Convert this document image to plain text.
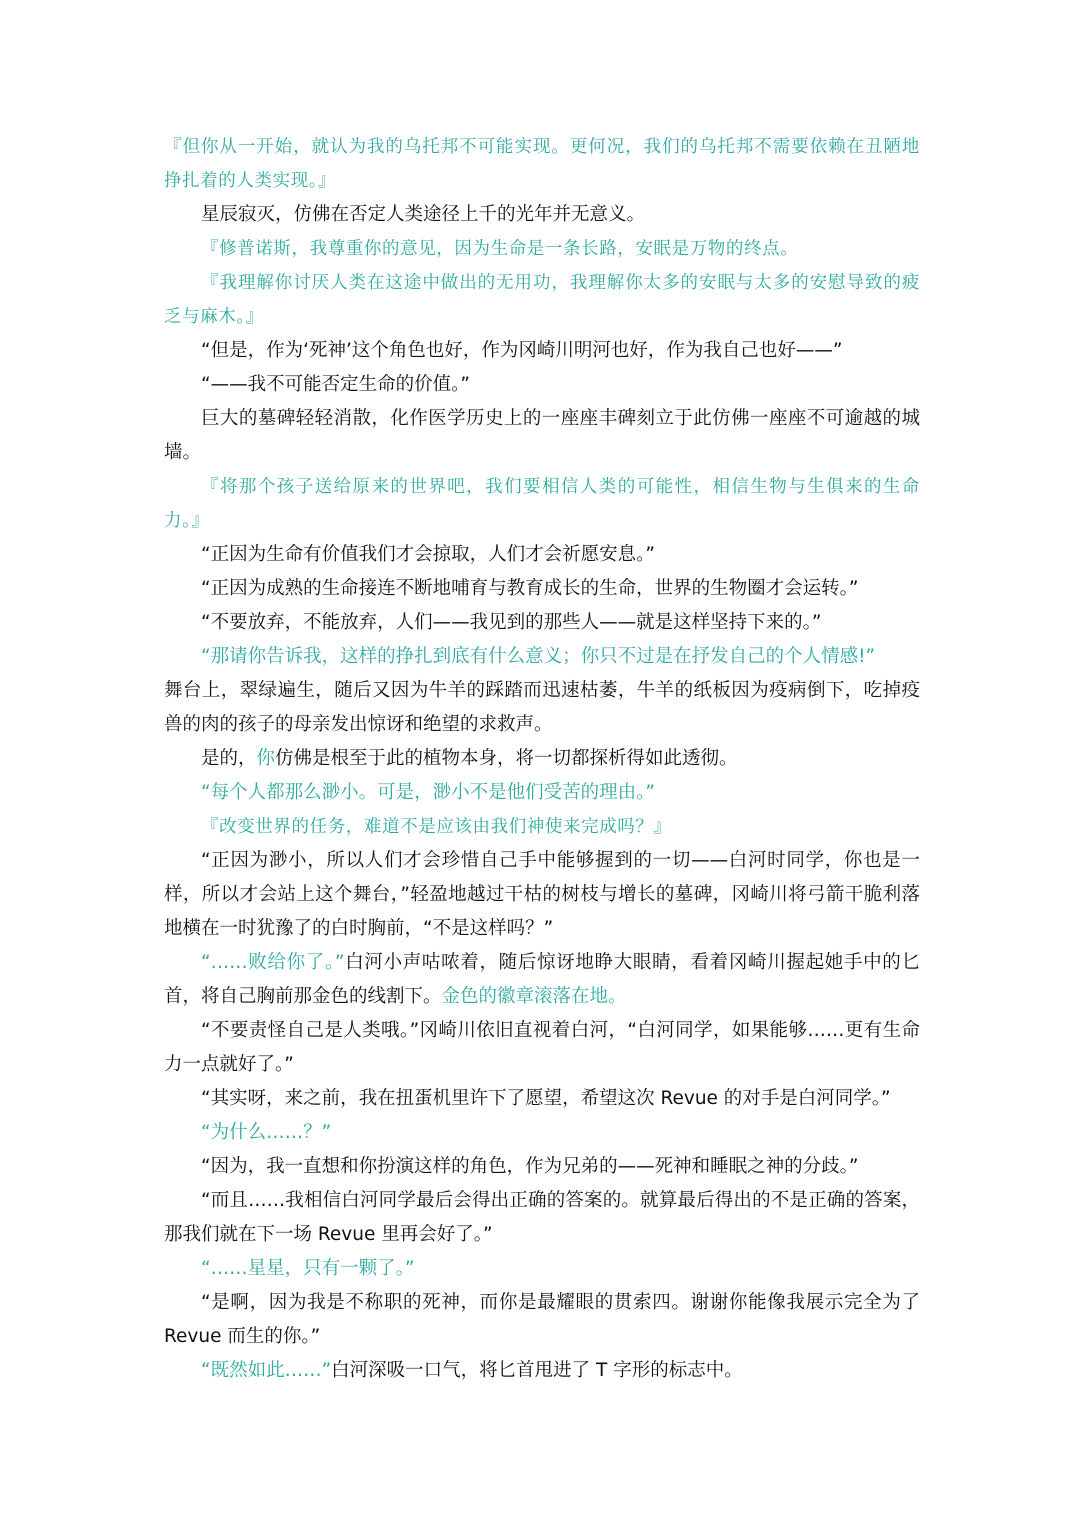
『但你从一开始，就认为我的乌托邦不可能实现。更何况，我们的乌托邦不需要依赖在丑陋地挣扎着的人类实现。』

星辰寂灭，仿佛在否定人类途径上千的光年并无意义。

『修普诺斯，我尊重你的意见，因为生命是一条长路，安眠是万物的终点。

『我理解你讨厌人类在这途中做出的无用功，我理解你太多的安眠与太多的安慰导致的疲乏与麻木。』

“但是，作为‘死神’这个角色也好，作为冈崎川明河也好，作为我自己也好——”

“——我不可能否定生命的价值。”

巨大的墓碑轻轻消散，化作医学历史上的一座座丰碑刻立于此仿佛一座座不可逾越的城墙。

『将那个孩子送给原来的世界吧，我们要相信人类的可能性，相信生物与生俱来的生命力。』

“正因为生命有价值我们才会掠取，人们才会祈愿安息。”

“正因为成熟的生命接连不断地哺育与教育成长的生命，世界的生物圈才会运转。”

“不要放弃，不能放弃，人们——我见到的那些人——就是这样坚持下来的。”

“那请你告诉我，这样的挣扎到底有什么意义；你只不过是在抒发自己的个人情感!”

舞台上，翠绿遍生，随后又因为牛羊的踩踏而迅速枯萎，牛羊的纸板因为疫病倒下，吃掉疫兽的肉的孩子的母亲发出惊讶和绝望的求救声。

是的，你仿佛是根至于此的植物本身，将一切都探析得如此透彻。

“每个人都那么渺小。可是，渺小不是他们受苦的理由。”

『改变世界的任务，难道不是应该由我们神使来完成吗？』

“正因为渺小，所以人们才会珍惜自己手中能够握到的一切——白河时同学，你也是一样，所以才会站上这个舞台，”轻盈地越过干枯的树枝与增长的墓碑，冈崎川将弓箭干脆利落地横在一时犹豫了的白时胸前，“不是这样吗？”

“……败给你了。”白河小声咕哝着，随后惊讶地睁大眼睛，看着冈崎川握起她手中的匕首，将自己胸前那金色的线割下。金色的徽章滚落在地。

“不要责怪自己是人类哦。”冈崎川依旧直视着白河，“白河同学，如果能够……更有生命力一点就好了。”

“其实呀，来之前，我在扭蛋机里许下了愿望，希望这次 Revue 的对手是白河同学。”

“为什么……？”

“因为，我一直想和你扮演这样的角色，作为兄弟的——死神和睡眠之神的分歧。”

“而且……我相信白河同学最后会得出正确的答案的。就算最后得出的不是正确的答案，那我们就在下一场 Revue 里再会好了。”

“……星星，只有一颗了。”

“是啊，因为我是不称职的死神，而你是最耀眼的贯索四。谢谢你能像我展示完全为了 Revue 而生的你。”

“既然如此……”白河深吸一口气，将匕首甩进了 T 字形的标志中。
